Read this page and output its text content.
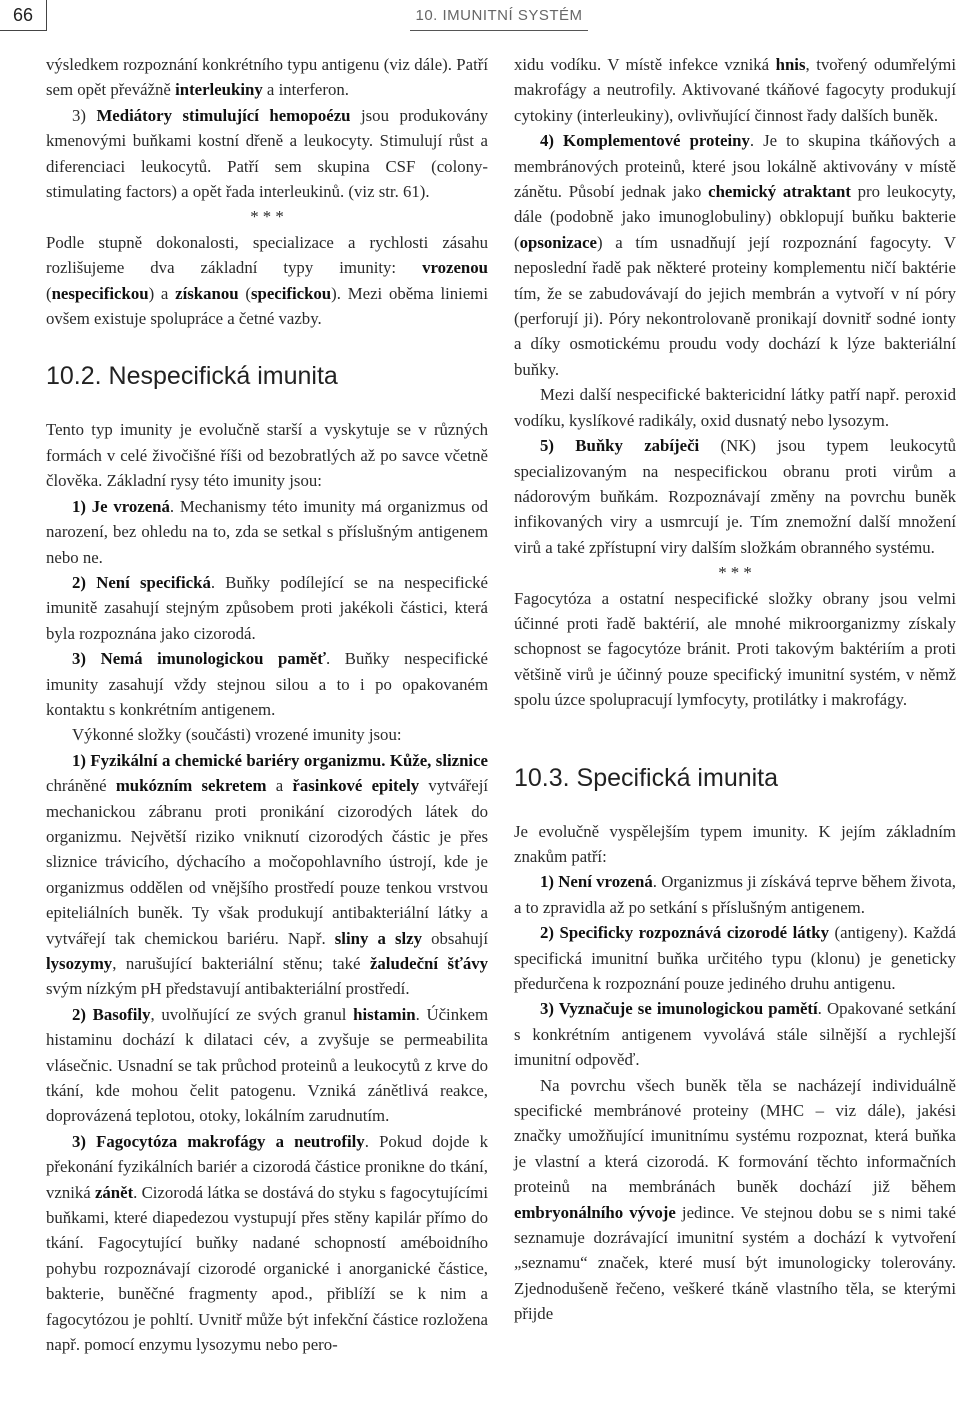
66	10. IMUNITNÍ SYSTÉM

výsledkem rozpoznání konkrétního typu antigenu (viz dále). Patří sem opět převážně interleukiny a interferon.

3) Mediátory stimulující hemopoézu jsou produkovány kmenovými buňkami kostní dřeně a leukocyty. Stimulují růst a diferenciaci leukocytů. Patří sem skupina CSF (colony-stimulating factors) a opět řada interleukinů. (viz str. 61).

* * *

Podle stupně dokonalosti, specializace a rychlosti zásahu rozlišujeme dva základní typy imunity: vrozenou (nespecifickou) a získanou (specifickou). Mezi oběma liniemi ovšem existuje spolupráce a četné vazby.

10.2. Nespecifická imunita

Tento typ imunity je evolučně starší a vyskytuje se v různých formách v celé živočišné říši od bezobratlých až po savce včetně člověka. Základní rysy této imunity jsou:

1) Je vrozená. Mechanismy této imunity má organizmus od narození, bez ohledu na to, zda se setkal s příslušným antigenem nebo ne.

2) Není specifická. Buňky podílející se na nespecifické imunitě zasahují stejným způsobem proti jakékoli částici, která byla rozpoznána jako cizorodá.

3) Nemá imunologickou paměť. Buňky nespecifické imunity zasahují vždy stejnou silou a to i po opakovaném kontaktu s konkrétním antigenem.

Výkonné složky (součásti) vrozené imunity jsou:

1) Fyzikální a chemické bariéry organizmu. Kůže, sliznice chráněné mukózním sekretem a řasinkové epitely vytvářejí mechanickou zábranu proti pronikání cizorodých látek do organizmu. Největší riziko vniknutí cizorodých částic je přes sliznice trávicího, dýchacího a močopohlavního ústrojí, kde je organizmus oddělen od vnějšího prostředí pouze tenkou vrstvou epiteliálních buněk. Ty však produkují antibakteriální látky a vytvářejí tak chemickou bariéru. Např. sliny a slzy obsahují lysozymy, narušující bakteriální stěnu; také žaludeční šťávy svým nízkým pH představují antibakteriální prostředí.

2) Basofily, uvolňující ze svých granul histamin. Účinkem histaminu dochází k dilataci cév, a zvyšuje se permeabilita vlásečnic. Usnadní se tak průchod proteinů a leukocytů z krve do tkání, kde mohou čelit patogenu. Vzniká zánětlivá reakce, doprovázená teplotou, otoky, lokálním zarudnutím.

3) Fagocytóza makrofágy a neutrofily. Pokud dojde k překonání fyzikálních bariér a cizorodá částice pronikne do tkání, vzniká zánět. Cizorodá látka se dostává do styku s fagocytujícími buňkami, které diapedezou vystupují přes stěny kapilár přímo do tkání. Fagocytující buňky nadané schopností améboidního pohybu rozpoznávají cizorodé organické i anorganické částice, bakterie, buněčné fragmenty apod., přiblíží se k nim a fagocytózou je pohltí. Uvnitř může být infekční částice rozložena např. pomocí enzymu lysozymu nebo pero-

xidu vodíku. V místě infekce vzniká hnis, tvořený odumřelými makrofágy a neutrofily. Aktivované tkáňové fagocyty produkují cytokiny (interleukiny), ovlivňující činnost řady dalších buněk.

4) Komplementové proteiny. Je to skupina tkáňových a membránových proteinů, které jsou lokálně aktivovány v místě zánětu. Působí jednak jako chemický atraktant pro leukocyty, dále (podobně jako imunoglobuliny) obklopují buňku bakterie (opsonizace) a tím usnadňují její rozpoznání fagocyty. V neposlední řadě pak některé proteiny komplementu ničí baktérie tím, že se zabudovávají do jejich membrán a vytvoří v ní póry (perforují ji). Póry nekontrolovaně pronikají dovnitř sodné ionty a díky osmotickému proudu vody dochází k lýze bakteriální buňky.

Mezi další nespecifické baktericidní látky patří např. peroxid vodíku, kyslíkové radikály, oxid dusnatý nebo lysozym.

5) Buňky zabíječi (NK) jsou typem leukocytů specializovaným na nespecifickou obranu proti virům a nádorovým buňkám. Rozpoznávají změny na povrchu buněk infikovaných viry a usmrcují je. Tím znemožní další množení virů a také zpřístupní viry dalším složkám obranného systému.

* * *

Fagocytóza a ostatní nespecifické složky obrany jsou velmi účinné proti řadě baktérií, ale mnohé mikroorganizmy získaly schopnost se fagocytóze bránit. Proti takovým baktériím a proti většině virů je účinný pouze specifický imunitní systém, v němž spolu úzce spolupracují lymfocyty, protilátky i makrofágy.

10.3. Specifická imunita

Je evolučně vyspělejším typem imunity. K jejím základním znakům patří:

1) Není vrozená. Organizmus ji získává teprve během života, a to zpravidla až po setkání s příslušným antigenem.

2) Specificky rozpoznává cizorodé látky (antigeny). Každá specifická imunitní buňka určitého typu (klonu) je geneticky předurčena k rozpoznání pouze jediného druhu antigenu.

3) Vyznačuje se imunologickou pamětí. Opakované setkání s konkrétním antigenem vyvolává stále silnější a rychlejší imunitní odpověď.

Na povrchu všech buněk těla se nacházejí individuálně specifické membránové proteiny (MHC – viz dále), jakési značky umožňující imunitnímu systému rozpoznat, která buňka je vlastní a která cizorodá. K formování těchto informačních proteinů na membránách buněk dochází již během embryonálního vývoje jedince. Ve stejnou dobu se s nimi také seznamuje dozrávající imunitní systém a dochází k vytvoření „seznamu“ značek, které musí být imunologicky tolerovány. Zjednodušeně řečeno, veškeré tkáně vlastního těla, se kterými přijde
